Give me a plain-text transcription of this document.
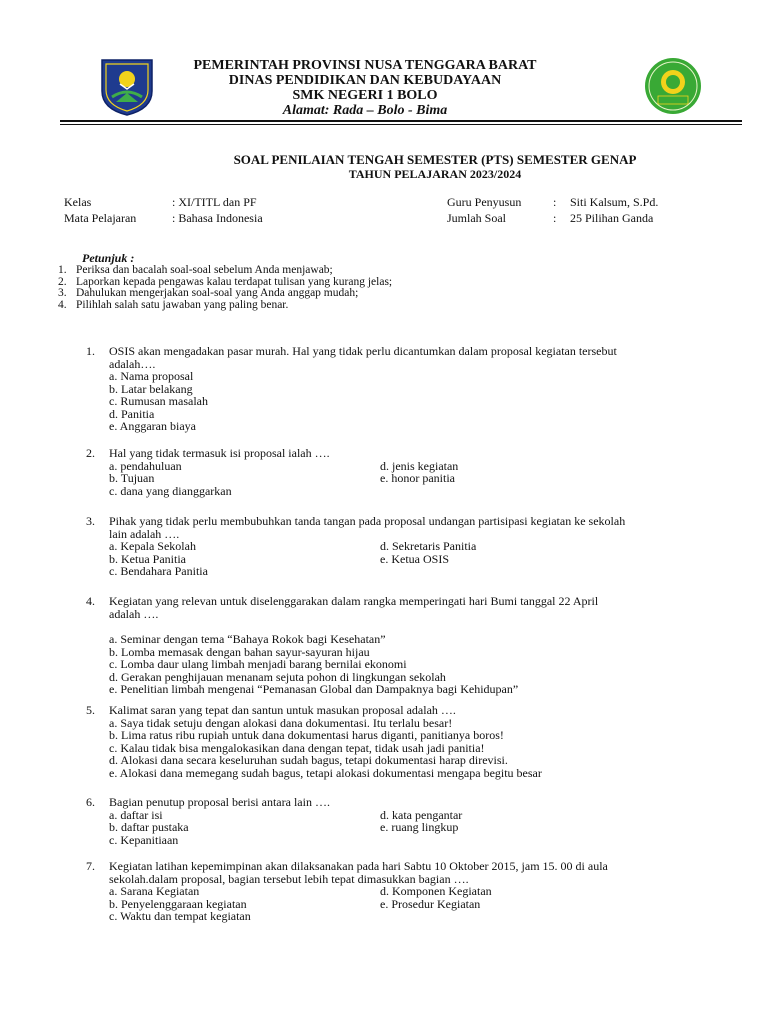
PEMERINTAH PROVINSI NUSA TENGGARA BARAT
DINAS PENDIDIKAN DAN KEBUDAYAAN
SMK NEGERI 1 BOLO
Alamat: Rada – Bolo - Bima
SOAL PENILAIAN TENGAH SEMESTER (PTS) SEMESTER GENAP
TAHUN PELAJARAN 2023/2024
Kelas	: XI/TITL dan PF
Mata Pelajaran	: Bahasa Indonesia
Guru Penyusun	: Siti Kalsum, S.Pd.
Jumlah Soal	: 25 Pilihan Ganda
Petunjuk :
1. Periksa dan bacalah soal-soal sebelum Anda menjawab;
2. Laporkan kepada pengawas kalau terdapat tulisan yang kurang jelas;
3. Dahulukan mengerjakan soal-soal yang Anda anggap mudah;
4. Pilihlah salah satu jawaban yang paling benar.
1. OSIS akan mengadakan pasar murah. Hal yang tidak perlu dicantumkan dalam proposal kegiatan tersebut
adalah….
a. Nama proposal
b. Latar belakang
c. Rumusan masalah
d. Panitia
e. Anggaran biaya
2. Hal yang tidak termasuk isi proposal ialah ….
a. pendahuluan
b. Tujuan
c. dana yang dianggarkan
d. jenis kegiatan
e. honor panitia
3. Pihak yang tidak perlu membubuhkan tanda tangan pada proposal undangan partisipasi kegiatan ke sekolah
lain adalah ….
a. Kepala Sekolah
b. Ketua Panitia
c. Bendahara Panitia
d. Sekretaris Panitia
e. Ketua OSIS
4. Kegiatan yang relevan untuk diselenggarakan dalam rangka memperingati hari Bumi tanggal 22 April
adalah ….
a. Seminar dengan tema “Bahaya Rokok bagi Kesehatan”
b. Lomba memasak dengan bahan sayur-sayuran hijau
c. Lomba daur ulang limbah menjadi barang bernilai ekonomi
d. Gerakan penghijauan menanam sejuta pohon di lingkungan sekolah
e. Penelitian limbah mengenai “Pemanasan Global dan Dampaknya bagi Kehidupan”
5. Kalimat saran yang tepat dan santun untuk masukan proposal adalah ….
a. Saya tidak setuju dengan alokasi dana dokumentasi. Itu terlalu besar!
b. Lima ratus ribu rupiah untuk dana dokumentasi harus diganti, panitianya boros!
c. Kalau tidak bisa mengalokasikan dana dengan tepat, tidak usah jadi panitia!
d. Alokasi dana secara keseluruhan sudah bagus, tetapi dokumentasi harap direvisi.
e. Alokasi dana memegang sudah bagus, tetapi alokasi dokumentasi mengapa begitu besar
6. Bagian penutup proposal berisi antara lain ….
a. daftar isi
b. daftar pustaka
c. Kepanitiaan
d. kata pengantar
e. ruang lingkup
7. Kegiatan latihan kepemimpinan akan dilaksanakan pada hari Sabtu 10 Oktober 2015, jam 15. 00 di aula
sekolah.dalam proposal, bagian tersebut lebih tepat dimasukkan bagian ….
a. Sarana Kegiatan
b. Penyelenggaraan kegiatan
c. Waktu dan tempat kegiatan
d. Komponen Kegiatan
e. Prosedur Kegiatan
